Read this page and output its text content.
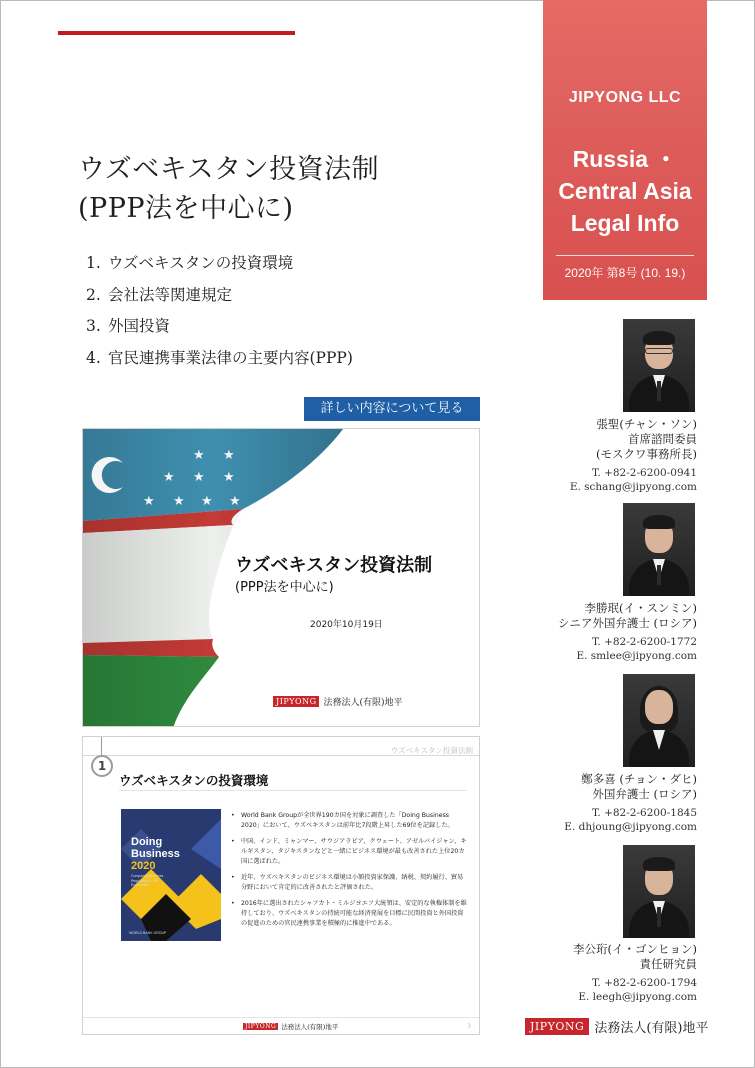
ウズベキスタン投資法制
(PPP法を中心に)
1. ウズベキスタンの投資環境
2. 会社法等関連規定
3. 外国投資
4. 官民連携事業法律の主要内容(PPP)
詳しい内容について見る
JIPYONG LLC
Russia ・
Central Asia
Legal Info
2020年 第8号 (10. 19.)
★ ★
★ ★ ★
★ ★ ★ ★
ウズベキスタン投資法制
(PPP法を中心に)
2020年10月19日
JIPYONG 法務法人(有限)地平
1
ウズベキスタン投資法制
ウズベキスタンの投資環境
Doing
Business
2020
Comparing Business Regulation in 190 Economies
WORLD BANK GROUP
• World Bank Groupが全世界190カ国を対象に調査した「Doing Business 2020」において、ウズベキスタンは前年比7段階上昇した69位を記録した。
• 中国、インド、ミャンマー、サウジアラビア、クウェート、アゼルバイジャン、キルギスタン、タジキスタンなどと一緒にビジネス環境が最も改善された上位20カ国に選ばれた。
• 近年、ウズベキスタンのビジネス環境は小額投資家保護、納税、契約履行、貿易分野において肯定的に改善されたと評価された。
• 2016年に選出されたシャフカト・ミルジヨエフ大統領は、安定的な執権体制を維持しており、ウズベキスタンの持続可能な経済発展を目標に民間投資と外国投資の促進のための官民連携事業を積極的に推進中である。
JIPYONG 法務法人(有限)地平	3
張聖(チャン・ソン)
首席諮問委員
(モスクワ事務所長)
T. +82-2-6200-0941
E. schang@jipyong.com
李勝珉(イ・スンミン)
シニア外国弁護士 (ロシア)
T. +82-2-6200-1772
E. smlee@jipyong.com
鄭多喜 (チョン・ダヒ)
外国弁護士 (ロシア)
T. +82-2-6200-1845
E. dhjoung@jipyong.com
李公珩(イ・ゴンヒョン)
責任研究員
T. +82-2-6200-1794
E. leegh@jipyong.com
JIPYONG 法務法人(有限)地平
